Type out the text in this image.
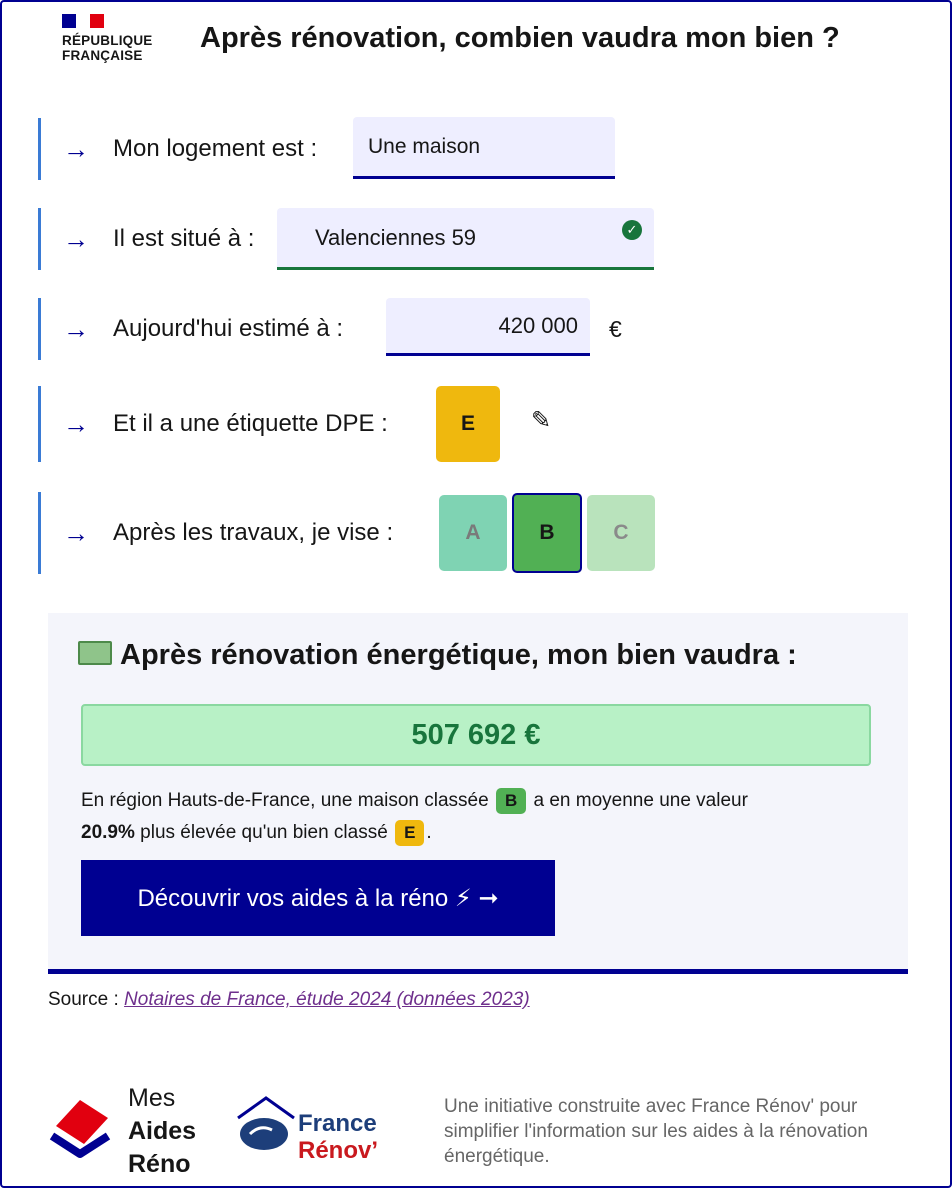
RÉPUBLIQUE
FRANÇAISE
Après rénovation, combien vaudra mon bien ?
→ Mon logement est : Une maison
→ Il est situé à :	Valenciennes 59	✓
→ Aujourd'hui estimé à :	420 000 €
→ Et il a une étiquette DPE :	E	✎
→ Après les travaux, je vise :	A	B	C
Après rénovation énergétique, mon bien vaudra :
507 692 €
En région Hauts-de-France, une maison classée B a en moyenne une valeur
20.9% plus élevée qu'un bien classé E .
Découvrir vos aides à la réno ⚡ ➞
Source : Notaires de France, étude 2024 (données 2023)
Mes
Aides
Réno
France
Rénov’
Une initiative construite avec France Rénov' pour simplifier l'information sur les aides à la rénovation énergétique.
